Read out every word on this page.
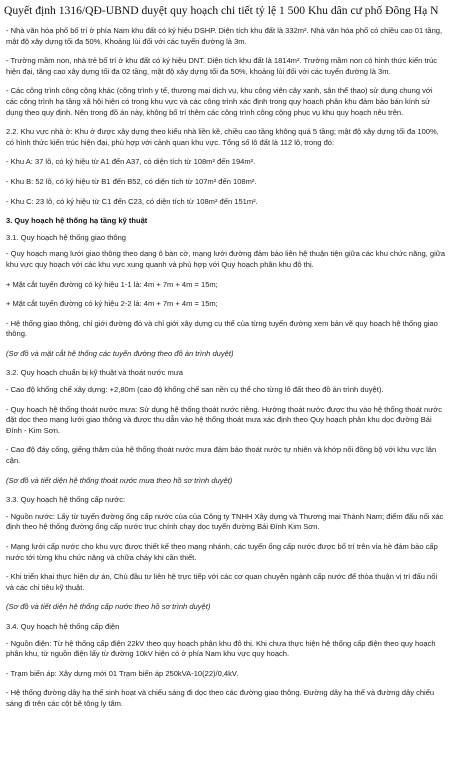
Quyết định 1316/QĐ-UBND duyệt quy hoạch chi tiết tỷ lệ 1 500 Khu dân cư phố Đông Hạ N

- Nhà văn hóa phố bố trí ở phía Nam khu đất có ký hiệu DSHP. Diện tích khu đất là 332m². Nhà văn hóa phố có chiều cao 01 tầng, mật độ xây dựng tối đa 50%. Khoảng lùi đối với các tuyến đường là 3m.

- Trường mầm non, nhà trẻ bố trí ở khu đất có ký hiệu DNT. Diện tích khu đất là 1814m². Trường mầm non có hình thức kiến trúc hiện đại, tầng cao xây dựng tối đa 02 tầng, mật độ xây dựng tối đa 50%, khoảng lùi đối với các tuyến đường là 3m.

- Các công trình công cộng khác (công trình y tế, thương mại dịch vụ, khu công viên cây xanh, sân thể thao) sử dụng chung với các công trình hạ tầng xã hội hiện có trong khu vực và các công trình xác định trong quy hoạch phân khu đảm bảo bán kính sử dụng theo quy định. Nên trong đồ án này, không bố trí thêm các công trình công cộng phục vụ khu quy hoạch nêu trên.

2.2. Khu vực nhà ở: Khu ở được xây dựng theo kiểu nhà liền kề, chiều cao tầng không quá 5 tầng; mật độ xây dựng tối đa 100%, có hình thức kiến trúc hiện đại, phù hợp với cảnh quan khu vực. Tổng số lô đất là 112 lô, trong đó:

- Khu A: 37 lô, có ký hiệu từ A1 đến A37, có diện tích từ 108m² đến 194m².

- Khu B: 52 lô, có ký hiệu từ B1 đến B52, có diện tích từ 107m² đến 108m².

- Khu C: 23 lô, có ký hiệu từ C1 đến C23, có diện tích từ 108m² đến 151m².

3. Quy hoạch hệ thống hạ tầng kỹ thuật

3.1. Quy hoạch hệ thống giao thông

- Quy hoạch mạng lưới giao thông theo dạng ô bàn cờ, mạng lưới đường đảm bảo liên hệ thuận tiện giữa các khu chức năng, giữa khu vực quy hoạch với các khu vực xung quanh và phù hợp với Quy hoạch phân khu đô thị.

+ Mặt cắt tuyến đường có ký hiệu 1-1 là: 4m + 7m + 4m = 15m;

+ Mặt cắt tuyến đường có ký hiệu 2-2 là: 4m + 7m + 4m = 15m;

- Hệ thống giao thông, chỉ giới đường đỏ và chỉ giới xây dựng cụ thể của từng tuyến đường xem bản vẽ quy hoạch hệ thống giao thông.

(Sơ đồ và mặt cắt hệ thống các tuyến đường theo đồ án trình duyệt)

3.2. Quy hoạch chuẩn bị kỹ thuật và thoát nước mưa

- Cao độ khống chế xây dựng: +2,80m (cao độ khống chế san nền cụ thể cho từng lô đất theo đồ án trình duyệt).

- Quy hoạch hệ thống thoát nước mưa: Sử dụng hệ thống thoát nước riêng. Hướng thoát nước được thu vào hệ thống thoát nước đặt dọc theo mạng lưới giao thông và được thu dẫn vào hệ thống thoát mưa xác định theo Quy hoạch phân khu dọc đường Bái Đính - Kim Sơn.

- Cao độ đáy cống, giếng thăm của hệ thống thoát nước mưa đảm bảo thoát nước tự nhiên và khớp nối đồng bộ với khu vực lân cận.

(Sơ đồ và tiết diện hệ thống thoát nước mưa theo hồ sơ trình duyệt)

3.3. Quy hoạch hệ thống cấp nước:

- Nguồn nước: Lấy từ tuyến đường ống cấp nước của của Công ty TNHH Xây dựng và Thương mại Thành Nam; điểm đấu nối xác định theo hệ thống đường ống cấp nước trục chính chạy dọc tuyến đường Bái Đính Kim Sơn.

- Mạng lưới cấp nước cho khu vực được thiết kế theo mạng nhánh, các tuyến ống cấp nước được bố trí trên vỉa hè đảm bảo cấp nước tới từng khu chức năng và chữa cháy khi cần thiết.

- Khi triển khai thực hiện dự án, Chủ đầu tư liên hệ trực tiếp với các cơ quan chuyên ngành cấp nước để thỏa thuận vị trí đấu nối và các chỉ tiêu kỹ thuật.

(Sơ đồ và tiết diện hệ thống cấp nước theo hồ sơ trình duyệt)

3.4. Quy hoạch hệ thống cấp điện

- Nguồn điện: Từ hệ thống cấp điện 22kV theo quy hoạch phân khu đô thị. Khi chưa thực hiện hệ thống cấp điện theo quy hoạch phân khu, từ nguồn điện lấy từ đường 10kV hiện có ở phía Nam khu vực quy hoạch.

- Trạm biến áp: Xây dựng mới 01 Trạm biến áp 250kVA-10(22)/0,4kV.

- Hệ thống đường dây hạ thế sinh hoạt và chiếu sáng đi dọc theo các đường giao thông. Đường dây hạ thế và đường dây chiếu sáng đi trên các cột bê tông ly tâm.
